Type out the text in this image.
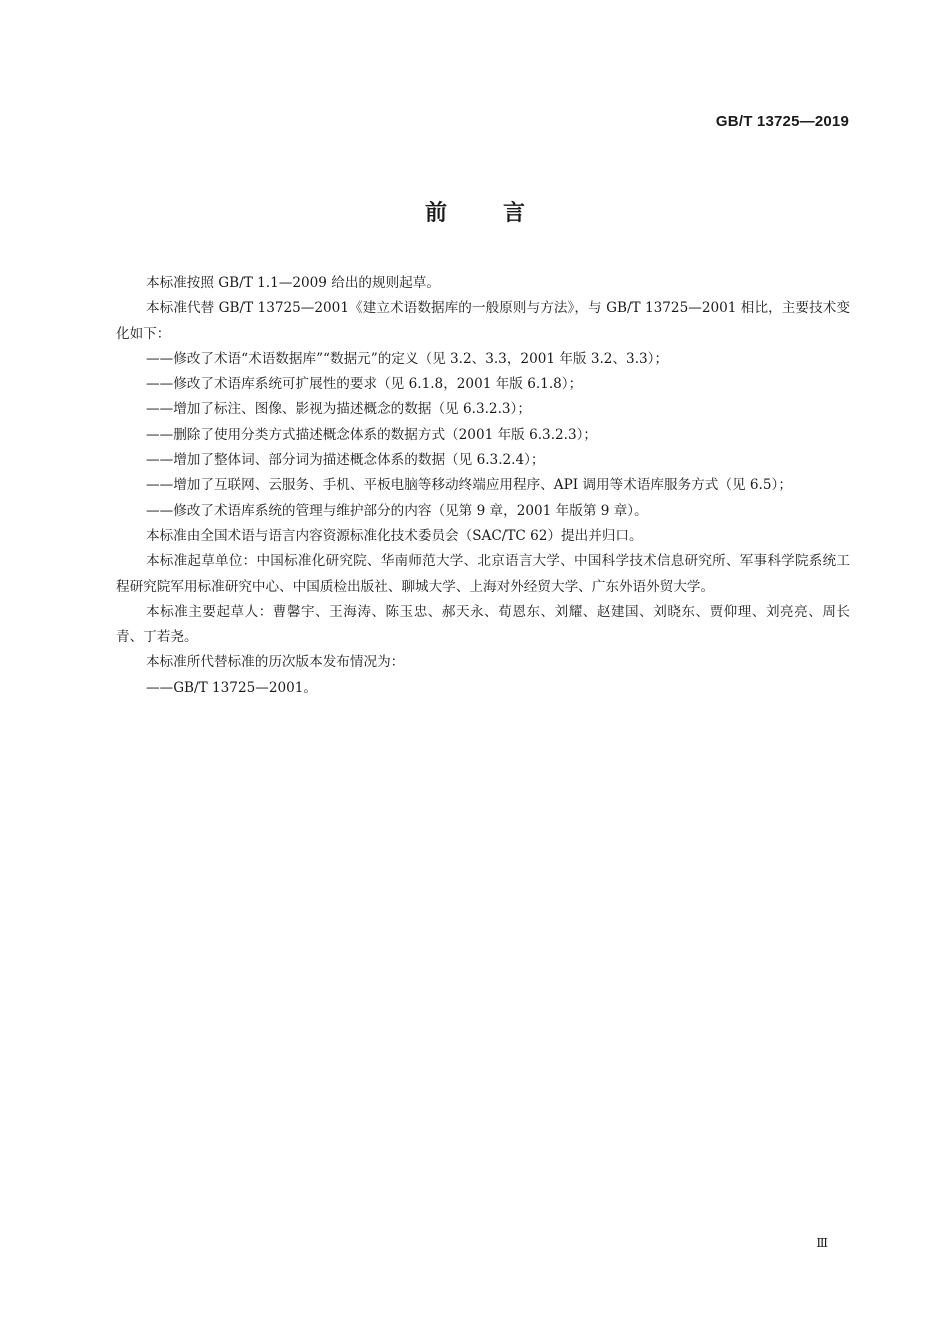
GB/T 13725—2019
前	言

本标准按照 GB/T 1.1—2009 给出的规则起草。

本标准代替 GB/T 13725—2001《建立术语数据库的一般原则与方法》，与 GB/T 13725—2001 相比，主要技术变化如下：

——修改了术语“术语数据库”“数据元”的定义（见 3.2、3.3，2001 年版 3.2、3.3）；

——修改了术语库系统可扩展性的要求（见 6.1.8，2001 年版 6.1.8）；

——增加了标注、图像、影视为描述概念的数据（见 6.3.2.3）；

——删除了使用分类方式描述概念体系的数据方式（2001 年版 6.3.2.3）；

——增加了整体词、部分词为描述概念体系的数据（见 6.3.2.4）；

——增加了互联网、云服务、手机、平板电脑等移动终端应用程序、API 调用等术语库服务方式（见 6.5）；

——修改了术语库系统的管理与维护部分的内容（见第 9 章，2001 年版第 9 章）。

本标准由全国术语与语言内容资源标准化技术委员会（SAC/TC 62）提出并归口。

本标准起草单位：中国标准化研究院、华南师范大学、北京语言大学、中国科学技术信息研究所、军事科学院系统工程研究院军用标准研究中心、中国质检出版社、聊城大学、上海对外经贸大学、广东外语外贸大学。

本标准主要起草人：曹馨宇、王海涛、陈玉忠、郝天永、荀恩东、刘耀、赵建国、刘晓东、贾仰理、刘亮亮、周长青、丁若尧。

本标准所代替标准的历次版本发布情况为：

——GB/T 13725—2001。

Ⅲ
